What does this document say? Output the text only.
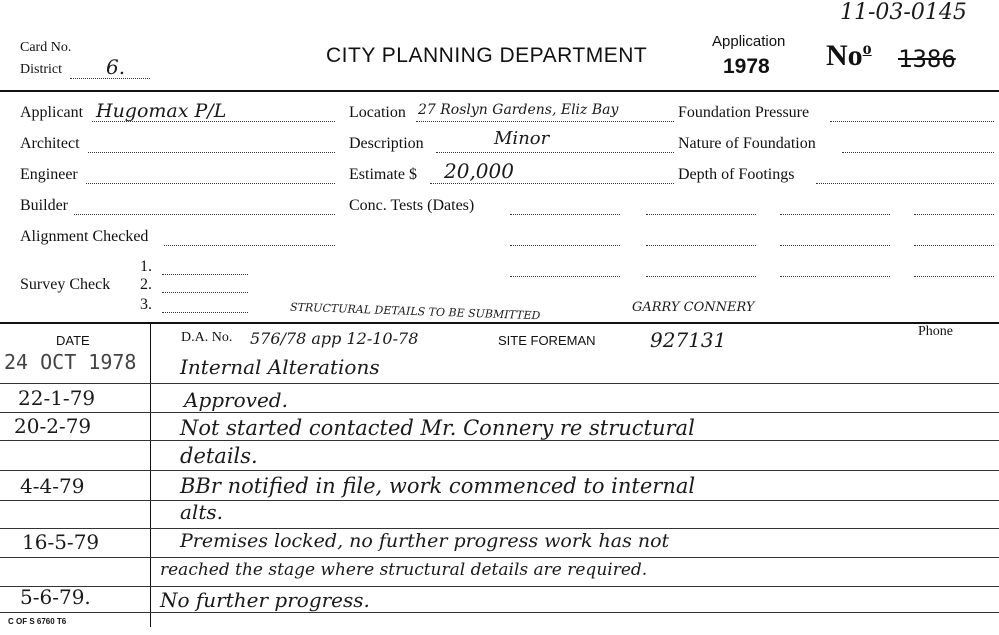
11-03-0145
Card No.
District 6.	CITY PLANNING DEPARTMENT
Application
1978 No$^o$ 1386
Applicant Hugomax P/L
Architect
Engineer
Builder
Alignment Checked
Survey Check
1.
2.
3.
Location 27 Roslyn Gardens, Eliz Bay
Description	Minor
Estimate $ 20,000
Conc. Tests (Dates)
Foundation Pressure
Nature of Foundation
Depth of Footings
STRUCTURAL DETAILS TO BE SUBMITTED	GARRY CONNERY
DATE	D.A. No. 576/78 app 12-10-78	SITE FOREMAN	927131	Phone
24 OCT 1978 Internal Alterations
22-1-79	Approved.
20-2-79	Not started contacted Mr. Connery re structural
details.
4-4-79	BBr notified in file, work commenced to internal
alts.
16-5-79	Premises locked, no further progress work has not
reached the stage where structural details are required.
5-6-79.	No further progress.
C OF S 6760 T6
